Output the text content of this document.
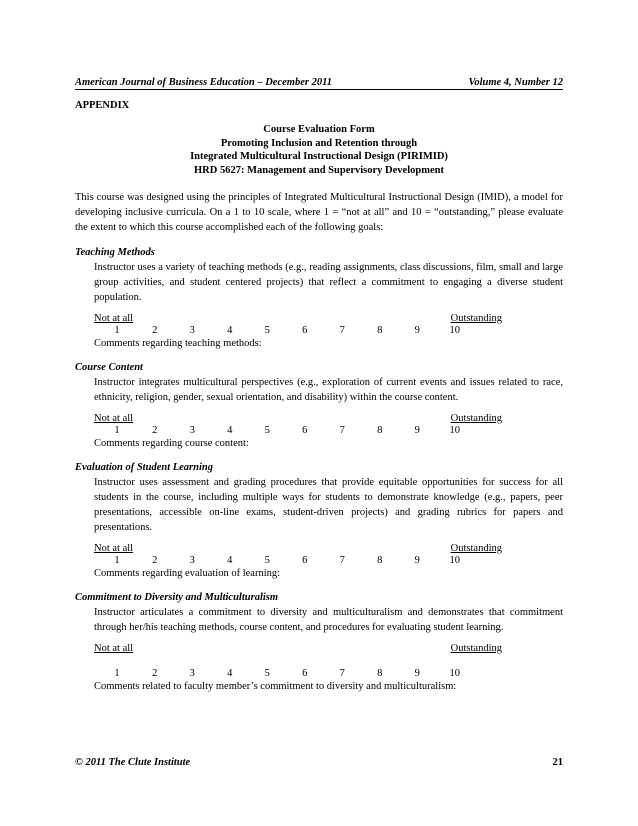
American Journal of Business Education – December 2011	Volume 4, Number 12
APPENDIX
Course Evaluation Form
Promoting Inclusion and Retention through
Integrated Multicultural Instructional Design (PIRIMID)
HRD 5627: Management and Supervisory Development
This course was designed using the principles of Integrated Multicultural Instructional Design (IMID), a model for developing inclusive curricula. On a 1 to 10 scale, where 1 = “not at all” and 10 = “outstanding,” please evaluate the extent to which this course accomplished each of the following goals:
Teaching Methods
Instructor uses a variety of teaching methods (e.g., reading assignments, class discussions, film, small and large group activities, and student centered projects) that reflect a commitment to engaging a diverse student population.
Not at all	Outstanding
1	2	3	4	5	6	7	8	9	10
Comments regarding teaching methods:
Course Content
Instructor integrates multicultural perspectives (e.g., exploration of current events and issues related to race, ethnicity, religion, gender, sexual orientation, and disability) within the course content.
Not at all	Outstanding
1	2	3	4	5	6	7	8	9	10
Comments regarding course content:
Evaluation of Student Learning
Instructor uses assessment and grading procedures that provide equitable opportunities for success for all students in the course, including multiple ways for students to demonstrate knowledge (e.g., papers, peer presentations, accessible on-line exams, student-driven projects) and grading rubrics for papers and presentations.
Not at all	Outstanding
1	2	3	4	5	6	7	8	9	10
Comments regarding evaluation of learning:
Commitment to Diversity and Multiculturalism
Instructor articulates a commitment to diversity and multiculturalism and demonstrates that commitment through her/his teaching methods, course content, and procedures for evaluating student learning.
Not at all	Outstanding
1	2	3	4	5	6	7	8	9	10
Comments related to faculty member’s commitment to diversity and multiculturalism:
© 2011 The Clute Institute	21
